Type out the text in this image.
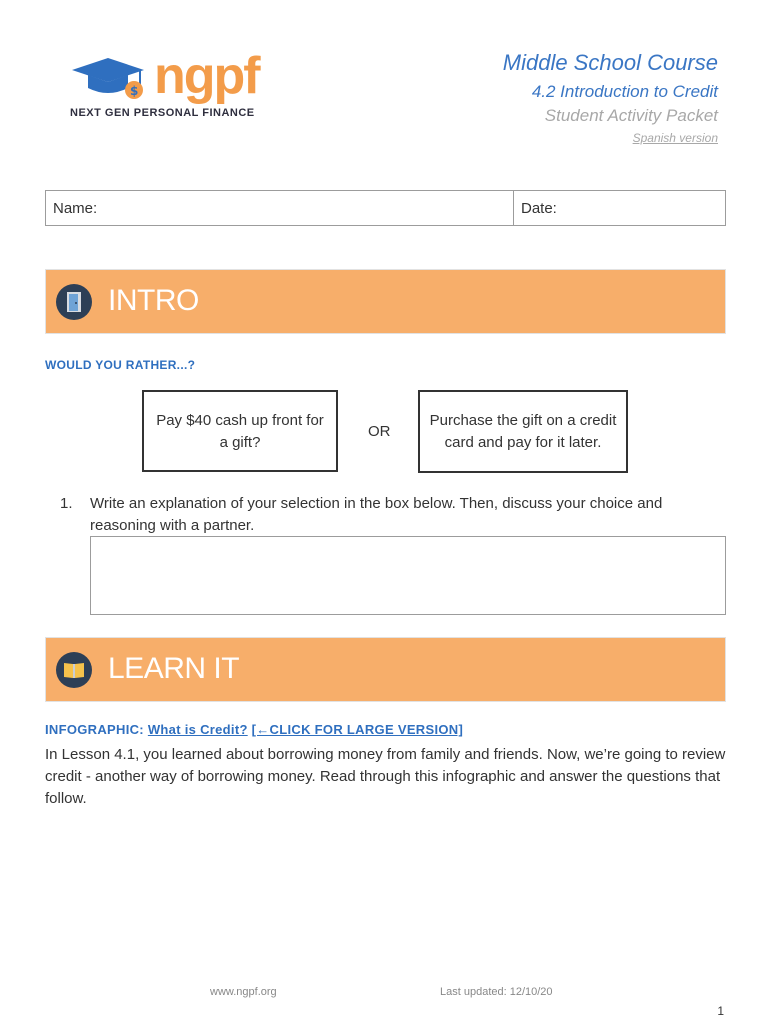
$ ngpf
NEXT GEN PERSONAL FINANCE
Middle School Course
4.2 Introduction to Credit
Student Activity Packet
Spanish version
Name:	Date:
INTRO
WOULD YOU RATHER...?
Pay $40 cash up front for a gift?
OR
Purchase the gift on a credit card and pay for it later.
1. Write an explanation of your selection in the box below. Then, discuss your choice and reasoning with a partner.
LEARN IT
INFOGRAPHIC: What is Credit? [←CLICK FOR LARGE VERSION]
In Lesson 4.1, you learned about borrowing money from family and friends. Now, we’re going to review credit - another way of borrowing money. Read through this infographic and answer the questions that follow.
www.ngpf.org	Last updated: 12/10/20
1
